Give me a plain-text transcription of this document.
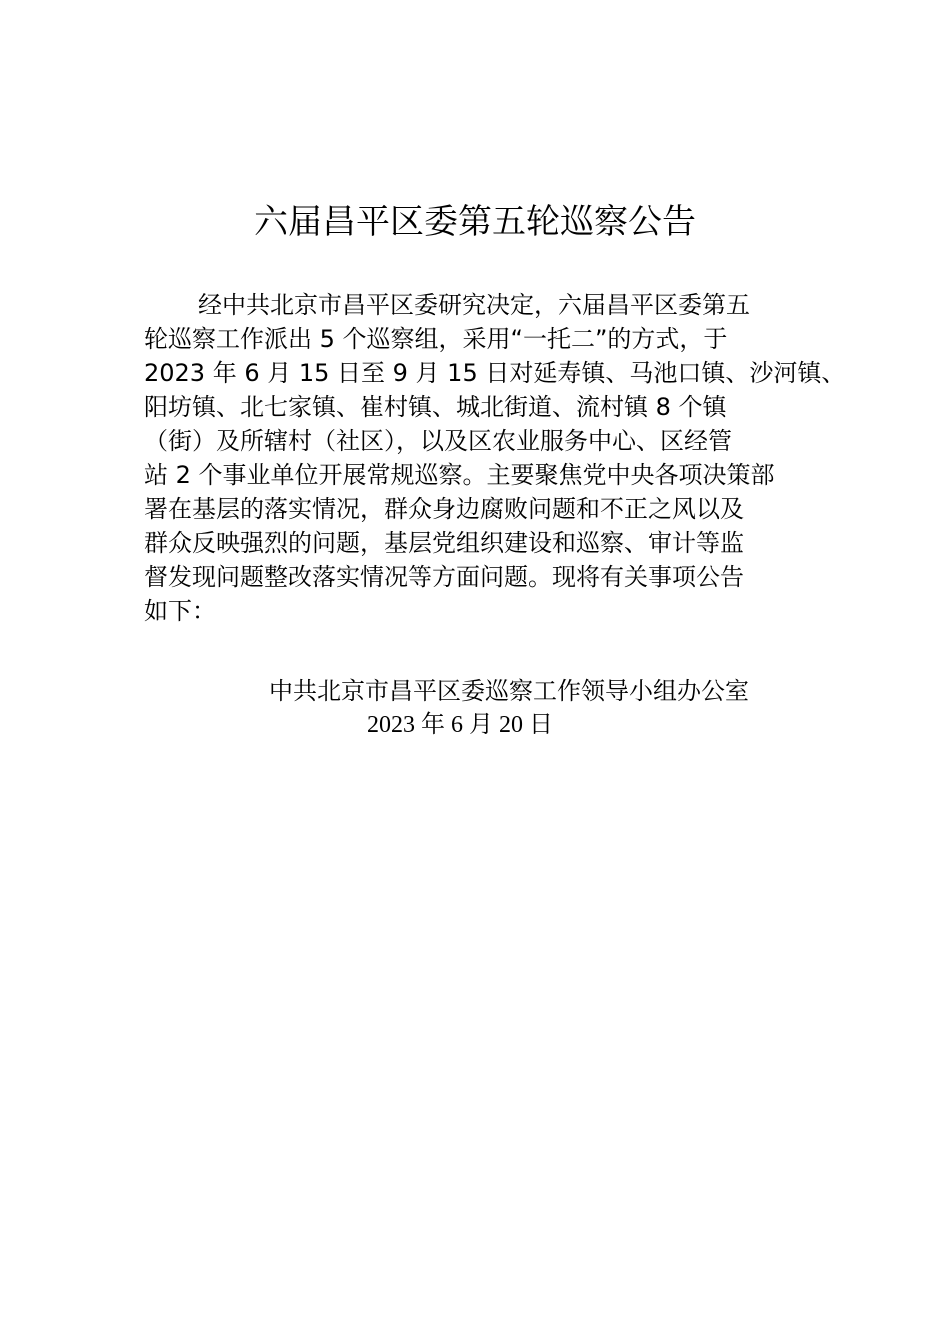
六届昌平区委第五轮巡察公告
经中共北京市昌平区委研究决定，六届昌平区委第五
轮巡察工作派出 5 个巡察组，采用“一托二”的方式，于
2023 年 6 月 15 日至 9 月 15 日对延寿镇、马池口镇、沙河镇、
阳坊镇、北七家镇、崔村镇、城北街道、流村镇 8 个镇
（街）及所辖村（社区），以及区农业服务中心、区经管
站 2 个事业单位开展常规巡察。主要聚焦党中央各项决策部
署在基层的落实情况，群众身边腐败问题和不正之风以及
群众反映强烈的问题，基层党组织建设和巡察、审计等监
督发现问题整改落实情况等方面问题。现将有关事项公告
如下：
中共北京市昌平区委巡察工作领导小组办公室
2023 年 6 月 20 日
